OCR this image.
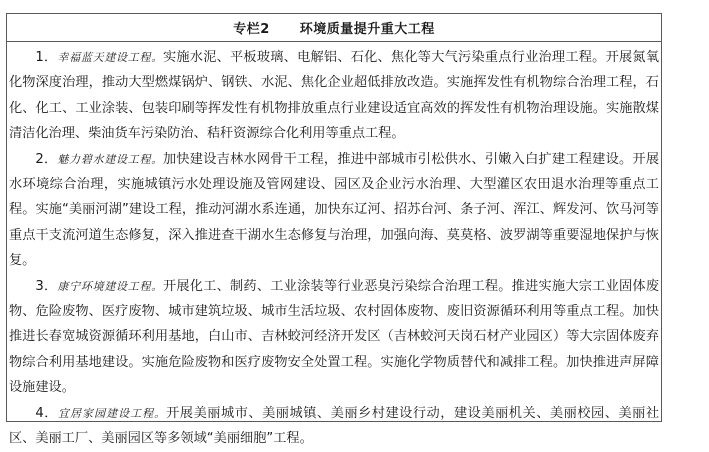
专栏2 环境质量提升重大工程

1．幸福蓝天建设工程。实施水泥、平板玻璃、电解铝、石化、焦化等大气污染重点行业治理工程。开展氮氧化物深度治理，推动大型燃煤锅炉、钢铁、水泥、焦化企业超低排放改造。实施挥发性有机物综合治理工程，石化、化工、工业涂装、包装印刷等挥发性有机物排放重点行业建设适宜高效的挥发性有机物治理设施。实施散煤清洁化治理、柴油货车污染防治、秸秆资源综合化利用等重点工程。

2．魅力碧水建设工程。加快建设吉林水网骨干工程，推进中部城市引松供水、引嫩入白扩建工程建设。开展水环境综合治理，实施城镇污水处理设施及管网建设、园区及企业污水治理、大型灌区农田退水治理等重点工程。实施“美丽河湖”建设工程，推动河湖水系连通，加快东辽河、招苏台河、条子河、浑江、辉发河、饮马河等重点干支流河道生态修复，深入推进查干湖水生态修复与治理，加强向海、莫莫格、波罗湖等重要湿地保护与恢复。

3．康宁环境建设工程。开展化工、制药、工业涂装等行业恶臭污染综合治理工程。推进实施大宗工业固体废物、危险废物、医疗废物、城市建筑垃圾、城市生活垃圾、农村固体废物、废旧资源循环利用等重点工程。加快推进长春宽城资源循环利用基地，白山市、吉林蛟河经济开发区（吉林蛟河天岗石材产业园区）等大宗固体废弃物综合利用基地建设。实施危险废物和医疗废物安全处置工程。实施化学物质替代和减排工程。加快推进声屏障设施建设。

4．宜居家园建设工程。开展美丽城市、美丽城镇、美丽乡村建设行动，建设美丽机关、美丽校园、美丽社区、美丽工厂、美丽园区等多领域“美丽细胞”工程。
